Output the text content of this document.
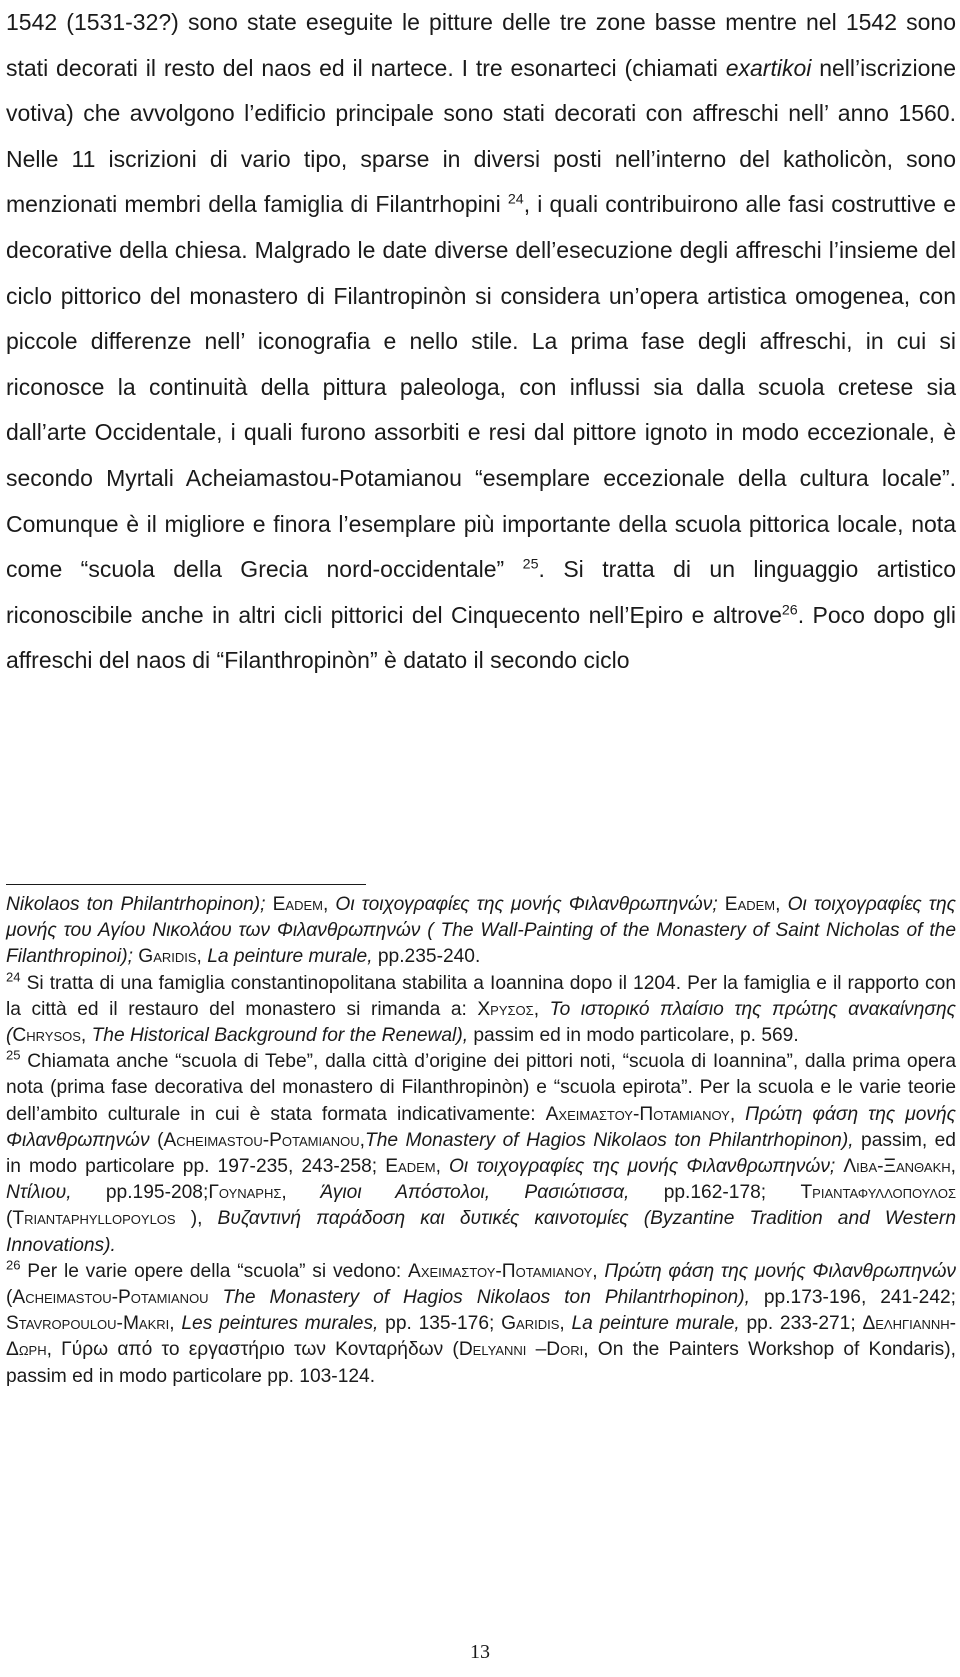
1542 (1531-32?) sono state eseguite le pitture delle tre zone basse mentre nel 1542 sono stati decorati il resto del naos ed il nartece. I tre esonarteci (chiamati exartikoi nell’iscrizione votiva) che avvolgono l’edificio principale sono stati decorati con affreschi nell’ anno 1560. Nelle 11 iscrizioni di vario tipo, sparse in diversi posti nell’interno del katholicòn, sono menzionati membri della famiglia di Filantrhopini $^{24}$, i quali contribuirono alle fasi costruttive e decorative della chiesa. Malgrado le date diverse dell’esecuzione degli affreschi l’insieme del ciclo pittorico del monastero di Filantropinòn si considera un’opera artistica omogenea, con piccole differenze nell’ iconografia e nello stile. La prima fase degli affreschi, in cui si riconosce la continuità della pittura paleologa, con influssi sia dalla scuola cretese sia dall’arte Occidentale, i quali furono assorbiti e resi dal pittore ignoto in modo eccezionale, è secondo Myrtali Acheiamastou-Potamianou “esemplare eccezionale della cultura locale”. Comunque è il migliore e finora l’esemplare più importante della scuola pittorica locale, nota come “scuola della Grecia nord-occidentale” $^{25}$. Si tratta di un linguaggio artistico riconoscibile anche in altri cicli pittorici del Cinquecento nell’Epiro e altrove$^{26}$. Poco dopo gli affreschi del naos di “Filanthropinòn” è datato il secondo ciclo

Nikolaos ton Philantrhopinon); Eadem, Οι τοιχογραφίες της μονής Φιλανθρωπηνών; Eadem, Οι τοιχογραφίες της μονής του Αγίου Νικολάου των Φιλανθρωπηνών ( The Wall-Painting of the Monastery of Saint Nicholas of the Filanthropinoi); Garidis, La peinture murale, pp.235-240.

$^{24}$ Si tratta di una famiglia constantinopolitana stabilita a Ioannina dopo il 1204. Per la famiglia e il rapporto con la città ed il restauro del monastero si rimanda a: Χρυσος, Το ιστορικό πλαίσιο της πρώτης ανακαίνησης (Chrysos, The Historical Background for the Renewal), passim ed in modo particolare, p. 569.

$^{25}$ Chiamata anche “scuola di Tebe”, dalla città d’origine dei pittori noti, “scuola di Ioannina”, dalla prima opera nota (prima fase decorativa del monastero di Filanthropinòn) e “scuola epirota”. Per la scuola e le varie teorie dell’ambito culturale in cui è stata formata indicativamente: Αχειμαστου-Ποταμιανου, Πρώτη φάση της μονής Φιλανθρωπηνών (Acheimastou-Potamianou,The Monastery of Hagios Nikolaos ton Philantrhopinon), passim, ed in modo particolare pp. 197-235, 243-258; Eadem, Οι τοιχογραφίες της μονής Φιλανθρωπηνών; Λιβα-Ξανθακη, Ντίλιου, pp.195-208;Γουναρης, Άγιοι Απόστολοι, Ρασιώτισσα, pp.162-178; Τριανταφυλλοπουλος (Triantaphyllopoylos ), Βυζαντινή παράδοση και δυτικές καινοτομίες (Byzantine Tradition and Western Innovations).

$^{26}$ Per le varie opere della “scuola” si vedono: Αχειμαστου-Ποταμιανου, Πρώτη φάση της μονής Φιλανθρωπηνών (Acheimastou-Potamianou The Monastery of Hagios Nikolaos ton Philantrhopinon), pp.173-196, 241-242; Stavropoulou-Makri, Les peintures murales, pp. 135-176; Garidis, La peinture murale, pp. 233-271; Δεληγιαννη-Δωρη, Γύρω από το εργαστήριο των Κονταρήδων (Delyanni –Dori, On the Painters Workshop of Kondaris), passim ed in modo particolare pp. 103-124.

13
